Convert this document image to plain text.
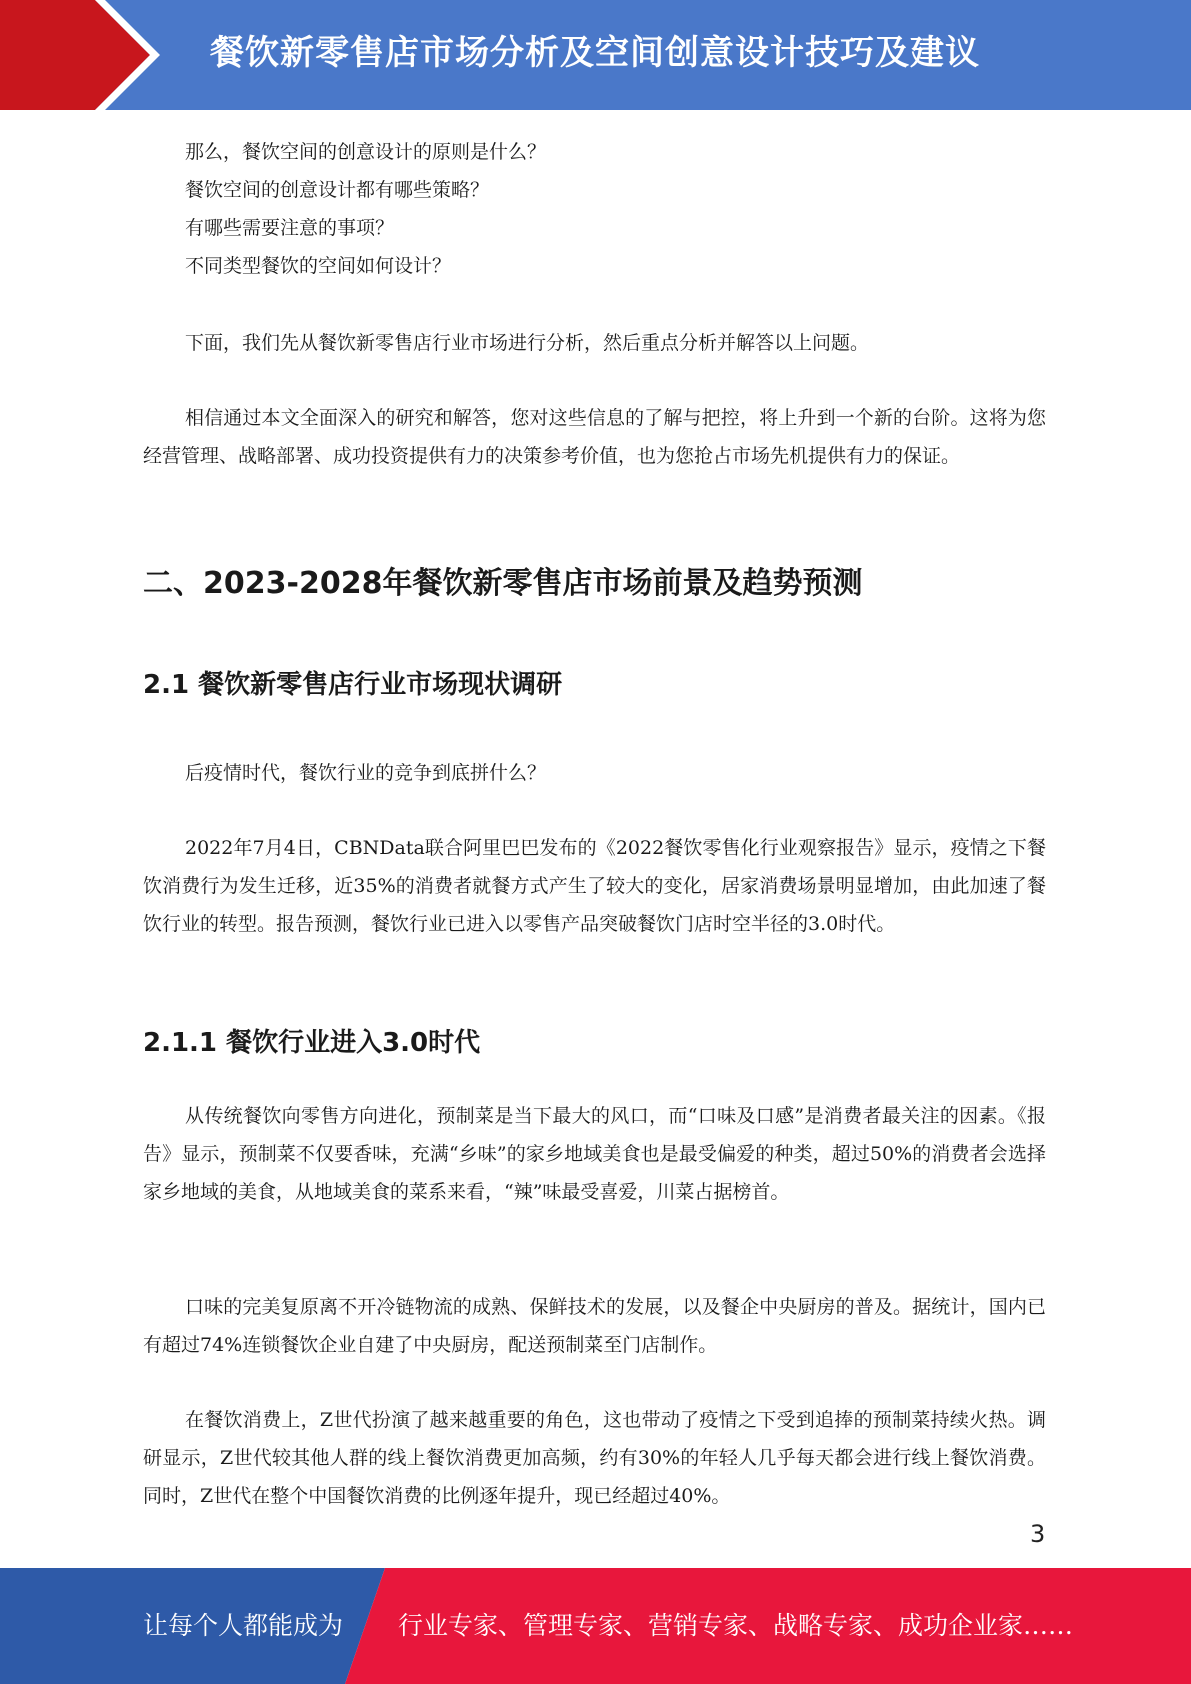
餐饮新零售店市场分析及空间创意设计技巧及建议
那么，餐饮空间的创意设计的原则是什么？
餐饮空间的创意设计都有哪些策略？
有哪些需要注意的事项？
不同类型餐饮的空间如何设计？
下面，我们先从餐饮新零售店行业市场进行分析，然后重点分析并解答以上问题。
相信通过本文全面深入的研究和解答，您对这些信息的了解与把控，将上升到一个新的台阶。这将为您经营管理、战略部署、成功投资提供有力的决策参考价值，也为您抢占市场先机提供有力的保证。
二、2023-2028年餐饮新零售店市场前景及趋势预测
2.1 餐饮新零售店行业市场现状调研
后疫情时代，餐饮行业的竞争到底拼什么？
2022年7月4日，CBNData联合阿里巴巴发布的《2022餐饮零售化行业观察报告》显示，疫情之下餐饮消费行为发生迁移，近35%的消费者就餐方式产生了较大的变化，居家消费场景明显增加，由此加速了餐饮行业的转型。报告预测，餐饮行业已进入以零售产品突破餐饮门店时空半径的3.0时代。
2.1.1 餐饮行业进入3.0时代
从传统餐饮向零售方向进化，预制菜是当下最大的风口，而“口味及口感”是消费者最关注的因素。《报告》显示，预制菜不仅要香味，充满“乡味”的家乡地域美食也是最受偏爱的种类，超过50%的消费者会选择家乡地域的美食，从地域美食的菜系来看，“辣”味最受喜爱，川菜占据榜首。
口味的完美复原离不开冷链物流的成熟、保鲜技术的发展，以及餐企中央厨房的普及。据统计，国内已有超过74%连锁餐饮企业自建了中央厨房，配送预制菜至门店制作。
在餐饮消费上，Z世代扮演了越来越重要的角色，这也带动了疫情之下受到追捧的预制菜持续火热。调研显示，Z世代较其他人群的线上餐饮消费更加高频，约有30%的年轻人几乎每天都会进行线上餐饮消费。同时，Z世代在整个中国餐饮消费的比例逐年提升，现已经超过40%。
3
让每个人都能成为 行业专家、管理专家、营销专家、战略专家、成功企业家……
